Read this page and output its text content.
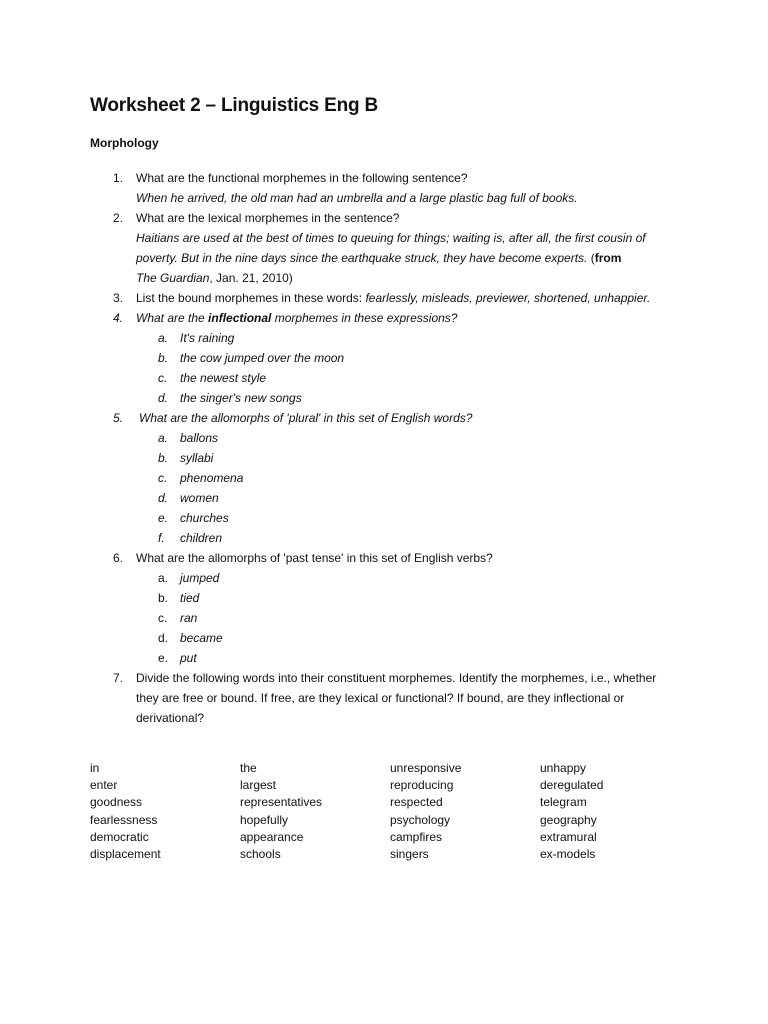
Worksheet 2 – Linguistics Eng B
Morphology
1. What are the functional morphemes in the following sentence?
When he arrived, the old man had an umbrella and a large plastic bag full of books.
2. What are the lexical morphemes in the sentence?
Haitians are used at the best of times to queuing for things; waiting is, after all, the first cousin of poverty. But in the nine days since the earthquake struck, they have become experts. (from
The Guardian, Jan. 21, 2010)
3. List the bound morphemes in these words: fearlessly, misleads, previewer, shortened, unhappier.
4. What are the inflectional morphemes in these expressions?
a. It's raining
b. the cow jumped over the moon
c. the newest style
d. the singer's new songs
5. What are the allomorphs of 'plural' in this set of English words?
a. ballons
b. syllabi
c. phenomena
d. women
e. churches
f. children
6. What are the allomorphs of 'past tense' in this set of English verbs?
a. jumped
b. tied
c. ran
d. became
e. put
7. Divide the following words into their constituent morphemes. Identify the morphemes, i.e., whether they are free or bound. If free, are they lexical or functional? If bound, are they inflectional or derivational?
in	the	unresponsive	unhappy
enter	largest	reproducing	deregulated
goodness	representatives	respected	telegram
fearlessness	hopefully	psychology	geography
democratic	appearance	campfires	extramural
displacement	schools	singers	ex-models
